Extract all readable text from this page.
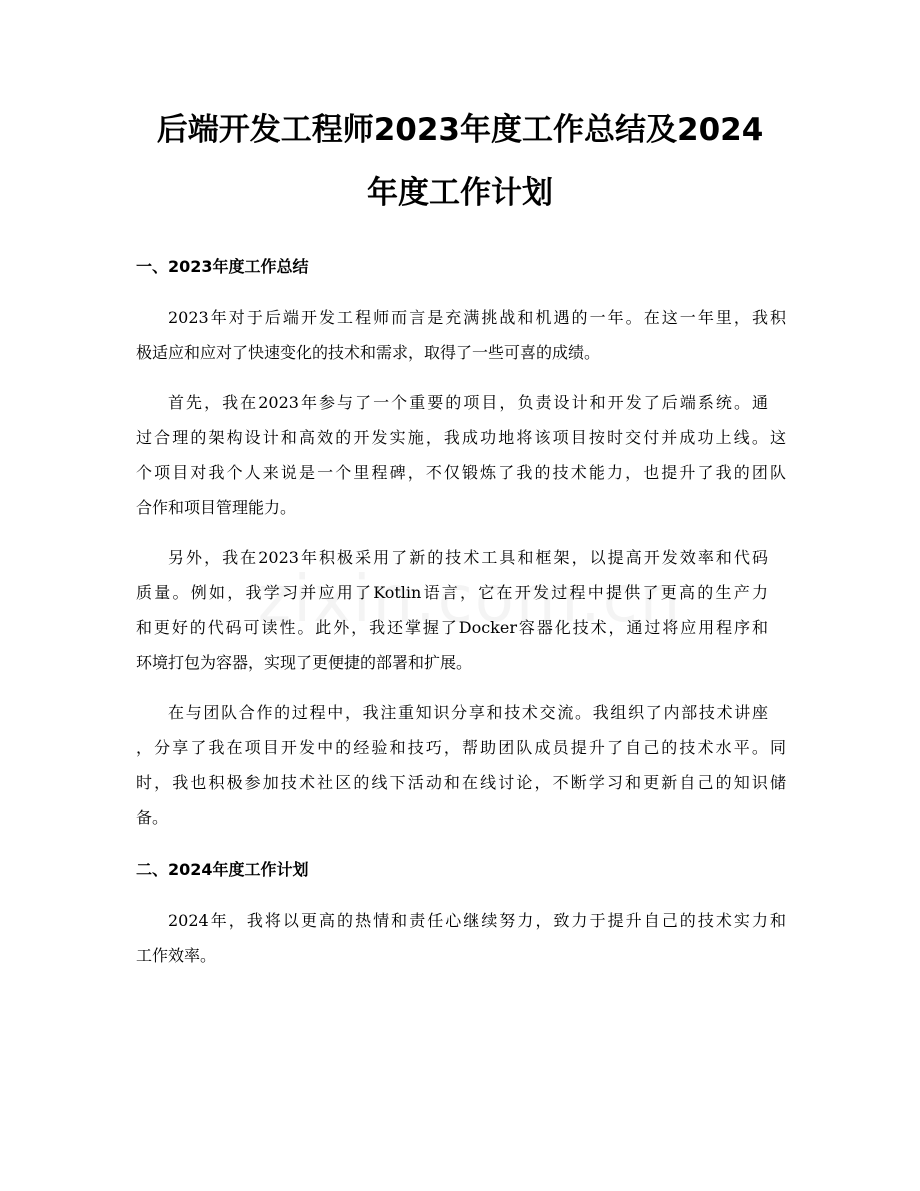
后端开发工程师2023年度工作总结及2024
年度工作计划
一、2023年度工作总结
2023年对于后端开发工程师而言是充满挑战和机遇的一年。在这一年里，我积
极适应和应对了快速变化的技术和需求，取得了一些可喜的成绩。
首先，我在2023年参与了一个重要的项目，负责设计和开发了后端系统。通
过合理的架构设计和高效的开发实施，我成功地将该项目按时交付并成功上线。这
个项目对我个人来说是一个里程碑，不仅锻炼了我的技术能力，也提升了我的团队
合作和项目管理能力。
另外，我在2023年积极采用了新的技术工具和框架，以提高开发效率和代码
质量。例如，我学习并应用了Kotlin语言，它在开发过程中提供了更高的生产力
和更好的代码可读性。此外，我还掌握了Docker容器化技术，通过将应用程序和
环境打包为容器，实现了更便捷的部署和扩展。
在与团队合作的过程中，我注重知识分享和技术交流。我组织了内部技术讲座
，分享了我在项目开发中的经验和技巧，帮助团队成员提升了自己的技术水平。同
时，我也积极参加技术社区的线下活动和在线讨论，不断学习和更新自己的知识储
备。
二、2024年度工作计划
2024年，我将以更高的热情和责任心继续努力，致力于提升自己的技术实力和
工作效率。
